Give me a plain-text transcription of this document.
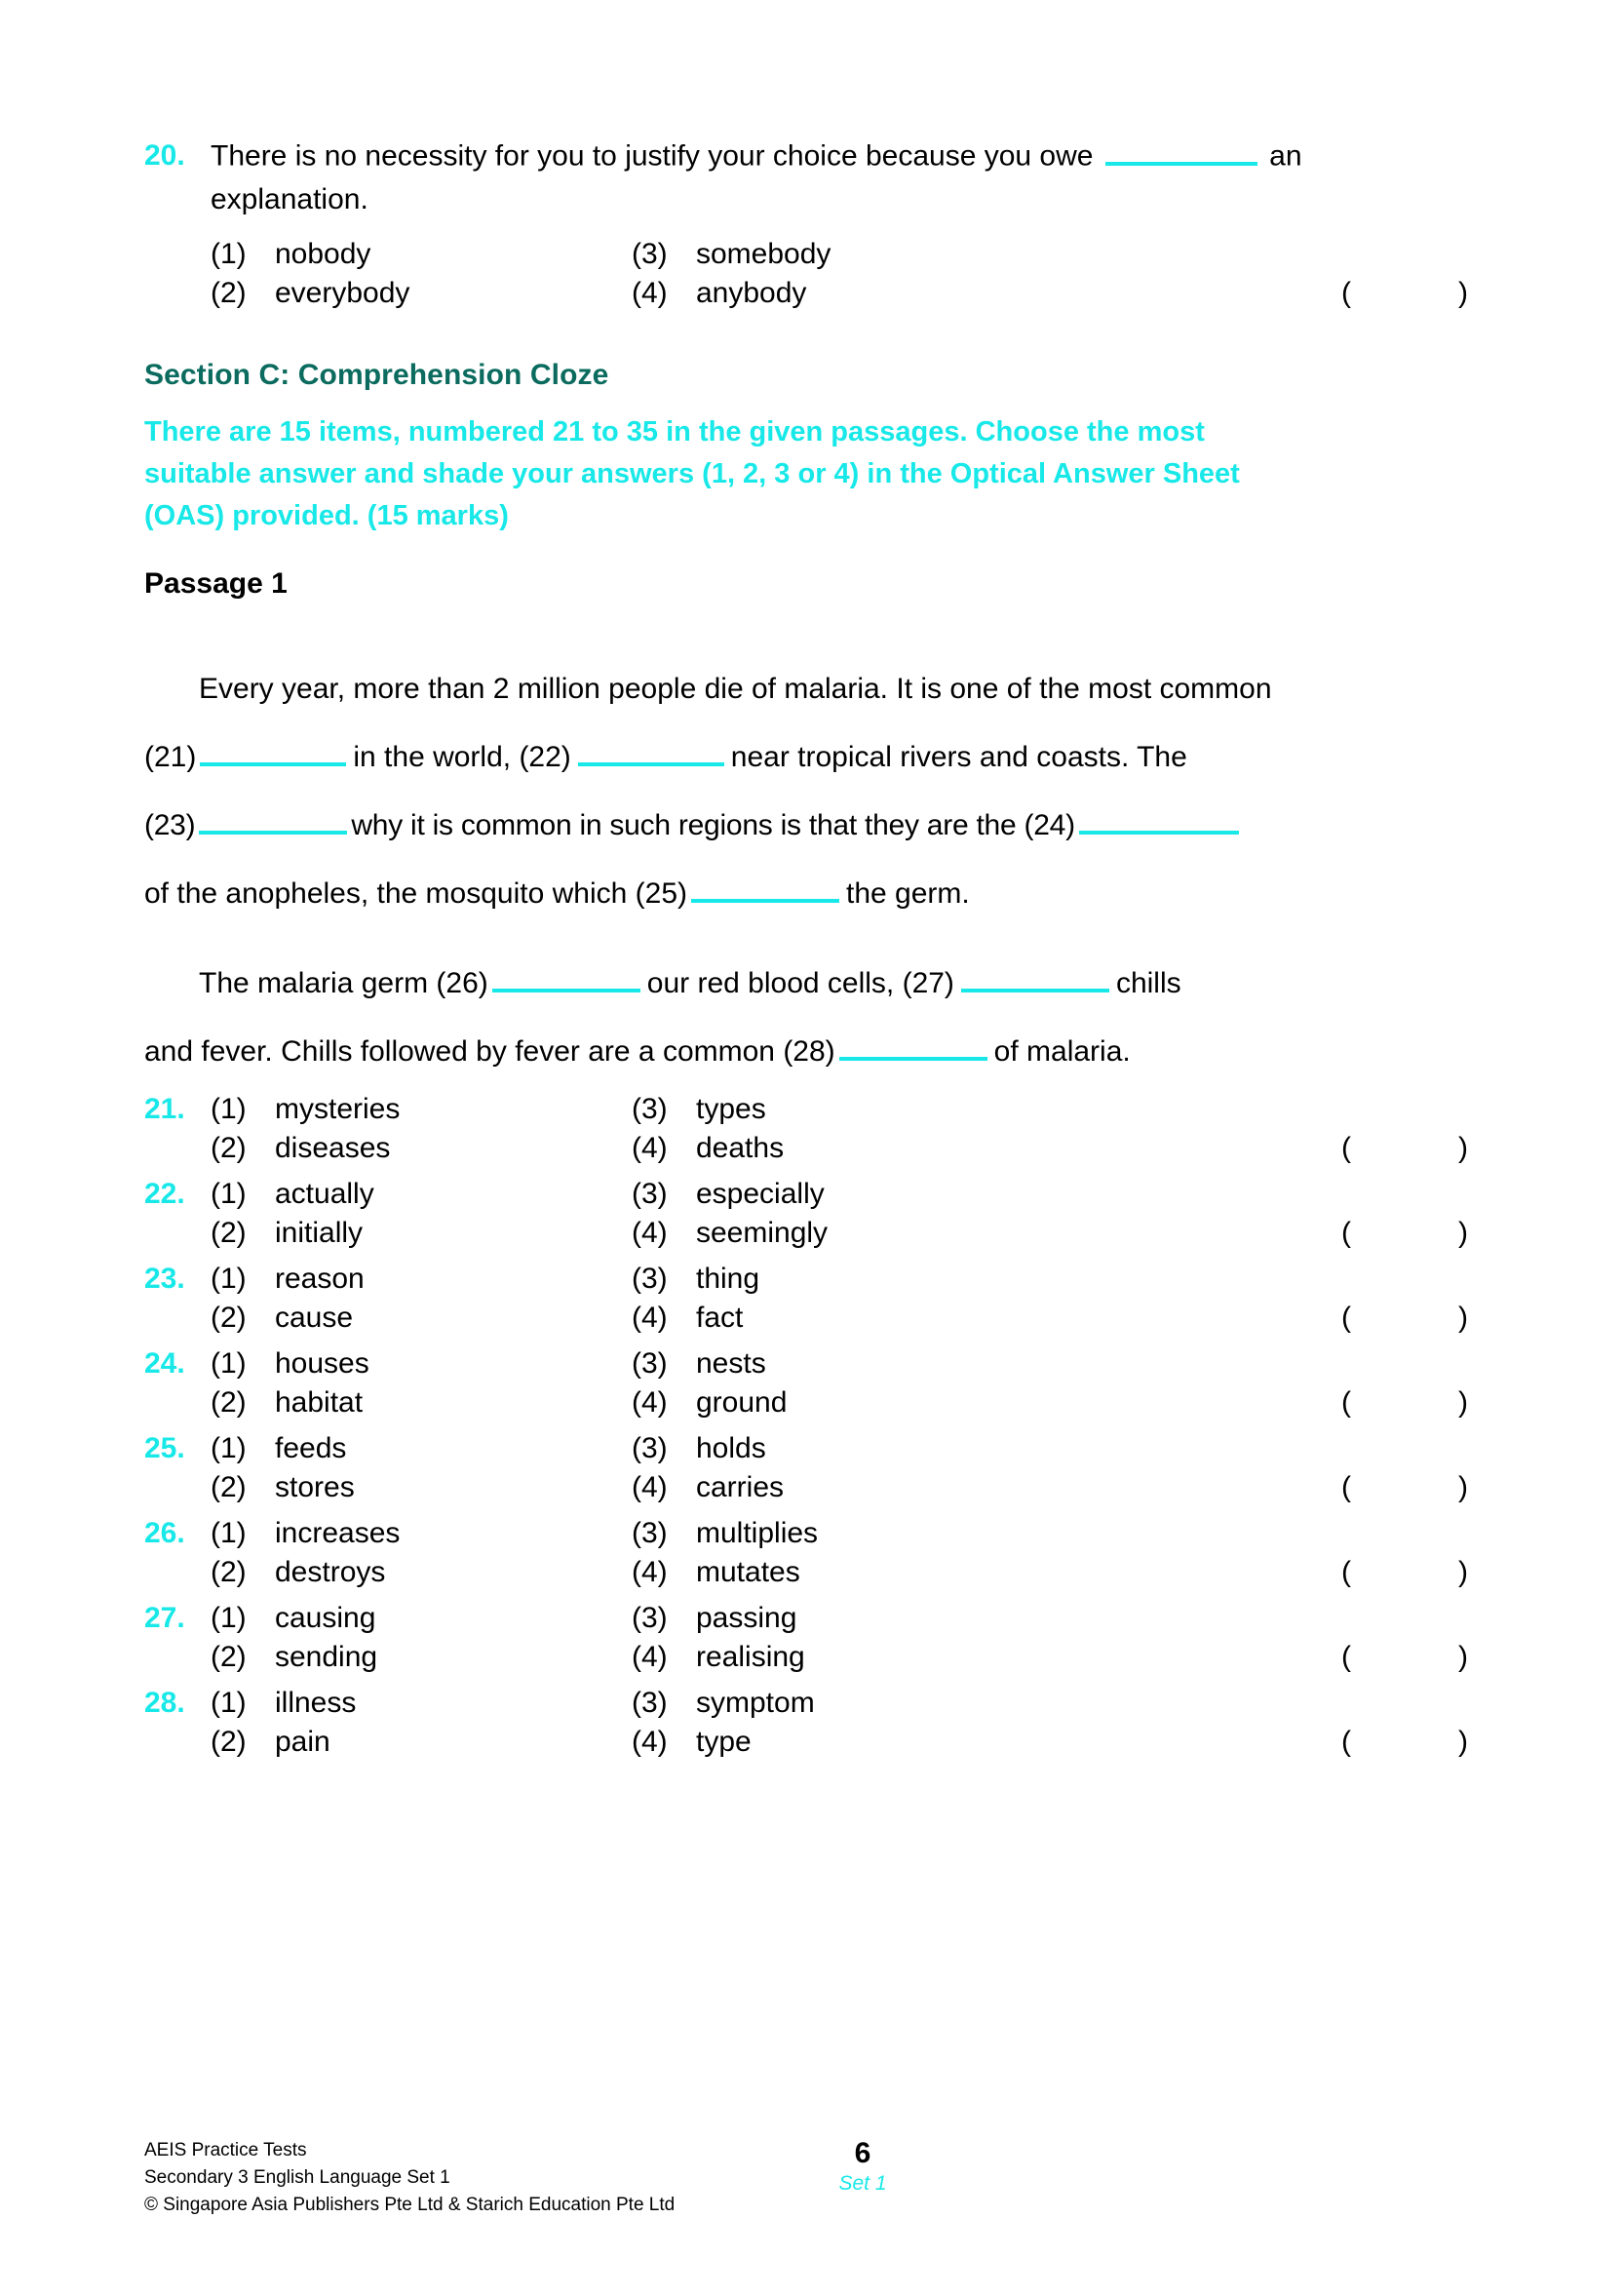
20. There is no necessity for you to justify your choice because you owe	an
explanation.
(1) nobody	(3) somebody
(2) everybody	(4) anybody	(	)
Section C: Comprehension Cloze
There are 15 items, numbered 21 to 35 in the given passages. Choose the most
suitable answer and shade your answers (1, 2, 3 or 4) in the Optical Answer Sheet
(OAS) provided. (15 marks)
Passage 1
Every year, more than 2 million people die of malaria. It is one of the most common
(21)	in the world, (22)	near tropical rivers and coasts. The
(23)	why it is common in such regions is that they are the (24)
of the anopheles, the mosquito which (25)	the germ.
The malaria germ (26)	our red blood cells, (27)	chills
and fever. Chills followed by fever are a common (28)	of malaria.
21. (1) mysteries	(3) types
(2) diseases	(4) deaths	(	)
22. (1) actually	(3) especially
(2) initially	(4) seemingly	(	)
23. (1) reason	(3) thing
(2) cause	(4) fact	(	)
24. (1) houses	(3) nests
(2) habitat	(4) ground	(	)
25. (1) feeds	(3) holds
(2) stores	(4) carries	(	)
26. (1) increases	(3) multiplies
(2) destroys	(4) mutates	(	)
27. (1) causing	(3) passing
(2) sending	(4) realising	(	)
28. (1) illness	(3) symptom
(2) pain	(4) type	(	)
AEIS Practice Tests
Secondary 3 English Language Set 1
© Singapore Asia Publishers Pte Ltd & Starich Education Pte Ltd
6
Set 1
